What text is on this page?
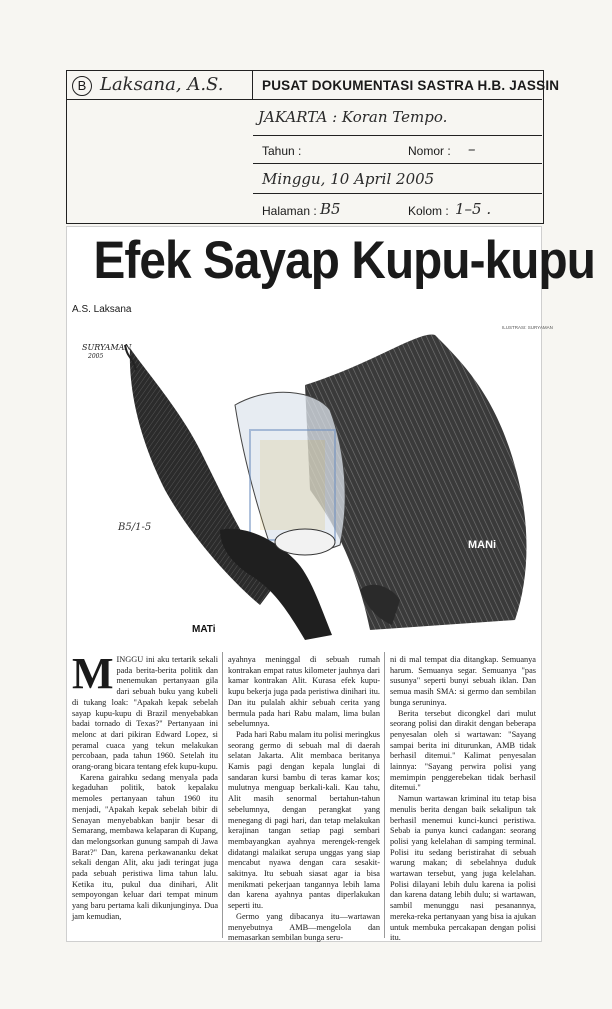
B Laksana, A.S.	PUSAT DOKUMENTASI SASTRA H.B. JASSIN
JAKARTA : Koran Tempo.
Tahun :	Nomor : –
Minggu, 10 April 2005
Halaman : B5	Kolom : 1–5 .
Efek Sayap Kupu-kupu
A.S. Laksana
ILUSTRASI: SURYAMAN
SURYAMAN
2005
B5/1-5
MANi
MATi

MINGGU ini aku tertarik sekali pada berita-berita politik dan menemukan pertanyaan gila dari sebuah buku yang kubeli di tukang loak: "Apakah kepak sebelah sayap kupu-kupu di Brazil menyebabkan badai tornado di Texas?" Pertanyaan ini melonc at dari pikiran Edward Lopez, si peramal cuaca yang tekun melakukan percobaan, pada tahun 1960. Setelah itu orang-orang bicara tentang efek kupu-kupu.

Karena gairahku sedang menyala pada kegaduhan politik, batok kepalaku memoles pertanyaan tahun 1960 itu menjadi, "Apakah kepak sebelah bibir di Senayan menyebabkan banjir besar di Semarang, membawa kelaparan di Kupang, dan melongsorkan gunung sampah di Jawa Barat?" Dan, karena perkawananku dekat sekali dengan Alit, aku jadi teringat juga pada sebuah peristiwa lima tahun lalu. Ketika itu, pukul dua dinihari, Alit sempoyongan keluar dari tempat minum yang baru pertama kali dikunjunginya. Dua jam kemudian,

ayahnya meninggal di sebuah rumah kontrakan empat ratus kilometer jauhnya dari kamar kontrakan Alit. Kurasa efek kupu-kupu bekerja juga pada peristiwa dinihari itu. Dan itu pulalah akhir sebuah cerita yang bermula pada hari Rabu malam, lima bulan sebelumnya.

Pada hari Rabu malam itu polisi meringkus seorang germo di sebuah mal di daerah selatan Jakarta. Alit membaca beritanya Kamis pagi dengan kepala lunglai di sandaran kursi bambu di teras kamar kos; mulutnya menguap berkali-kali. Kau tahu, Alit masih senormal bertahun-tahun sebelumnya, dengan perangkat yang menegang di pagi hari, dan tetap melakukan kerajinan tangan setiap pagi sembari membayangkan ayahnya merengek-rengek didatangi malaikat serupa unggas yang siap mencabut nyawa dengan cara sesakit-sakitnya. Itu sebuah siasat agar ia bisa menikmati pekerjaan tangannya lebih lama dan karena ayahnya pantas diperlakukan seperti itu.

Germo yang dibacanya itu—wartawan menyebutnya AMB—mengelola dan memasarkan sembilan bunga seru-

ni di mal tempat dia ditangkap. Semuanya harum. Semuanya segar. Semuanya "pas susunya" seperti bunyi sebuah iklan. Dan semua masih SMA: si germo dan sembilan bunga seruninya.

Berita tersebut dicongkel dari mulut seorang polisi dan dirakit dengan beberapa penyesalan oleh si wartawan: "Sayang sampai berita ini diturunkan, AMB tidak berhasil ditemui." Kalimat penyesalan lainnya: "Sayang perwira polisi yang memimpin penggerebekan tidak berhasil ditemui."

Namun wartawan kriminal itu tetap bisa menulis berita dengan baik sekalipun tak berhasil menemui kunci-kunci peristiwa. Sebab ia punya kunci cadangan: seorang polisi yang kelelahan di samping terminal. Polisi itu sedang beristirahat di sebuah warung makan; di sebelahnya duduk wartawan tersebut, yang juga kelelahan. Polisi dilayani lebih dulu karena ia polisi dan karena datang lebih dulu; si wartawan, sambil menunggu nasi pesanannya, mereka-reka pertanyaan yang bisa ia ajukan untuk membuka percakapan dengan polisi itu.
